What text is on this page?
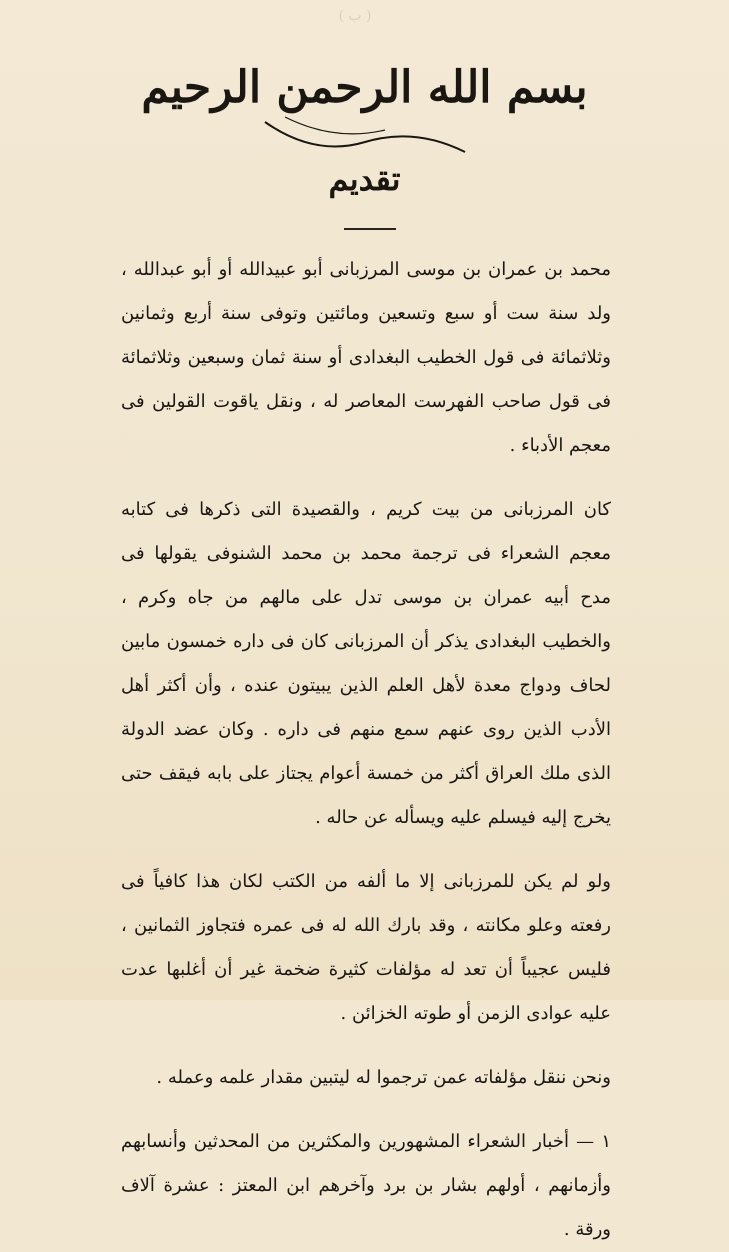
( ب )
بسم الله الرحمن الرحيم
تقديم

محمد بن عمران بن موسى المرزبانى أبو عبيدالله أو أبو عبدالله ، ولد سنة ست أو سبع وتسعين ومائتين وتوفى سنة أربع وثمانين وثلاثمائة فى قول الخطيب البغدادى أو سنة ثمان وسبعين وثلاثمائة فى قول صاحب الفهرست المعاصر له ، ونقل ياقوت القولين فى معجم الأدباء .

كان المرزبانى من بيت كريم ، والقصيدة التى ذكرها فى كتابه معجم الشعراء فى ترجمة محمد بن محمد الشنوفى يقولها فى مدح أبيه عمران بن موسى تدل على مالهم من جاه وكرم ، والخطيب البغدادى يذكر أن المرزبانى كان فى داره خمسون مابين لحاف ودواج معدة لأهل العلم الذين يبيتون عنده ، وأن أكثر أهل الأدب الذين روى عنهم سمع منهم فى داره . وكان عضد الدولة الذى ملك العراق أكثر من خمسة أعوام يجتاز على بابه فيقف حتى يخرج إليه فيسلم عليه ويسأله عن حاله .

ولو لم يكن للمرزبانى إلا ما ألفه من الكتب لكان هذا كافياً فى رفعته وعلو مكانته ، وقد بارك الله له فى عمره فتجاوز الثمانين ، فليس عجيباً أن تعد له مؤلفات كثيرة ضخمة غير أن أغلبها عدت عليه عوادى الزمن أو طوته الخزائن .

ونحن ننقل مؤلفاته عمن ترجموا له ليتبين مقدار علمه وعمله .

١ — أخبار الشعراء المشهورين والمكثرين من المحدثين وأنسابهم وأزمانهم ، أولهم بشار بن برد وآخرهم ابن المعتز : عشرة آلاف ورقة .
